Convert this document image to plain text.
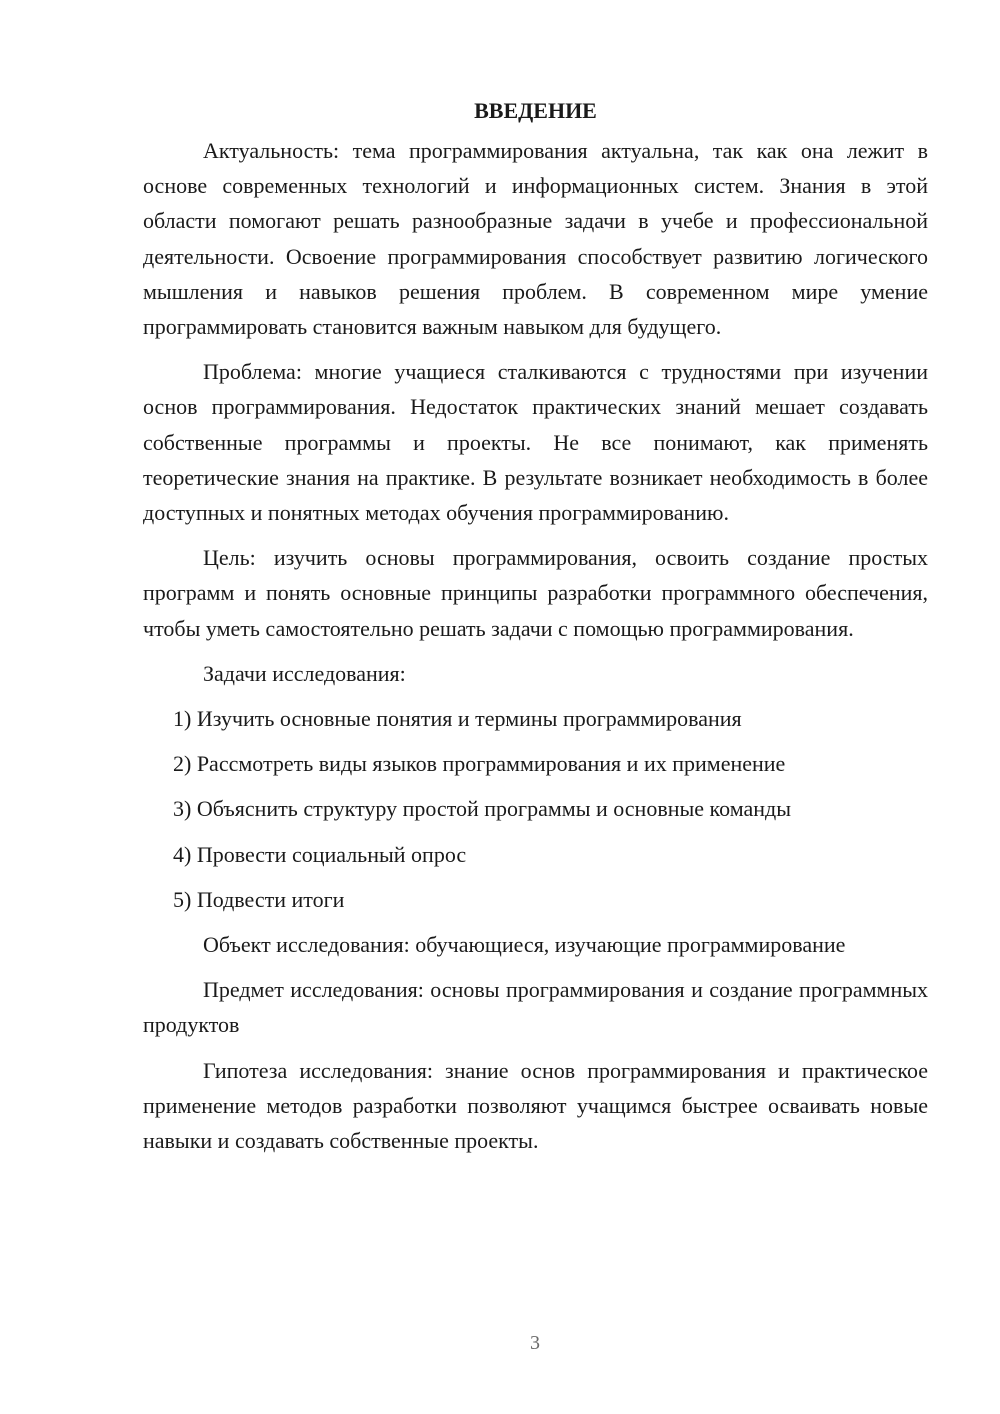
ВВЕДЕНИЕ

Актуальность: тема программирования актуальна, так как она лежит в основе современных технологий и информационных систем. Знания в этой области помогают решать разнообразные задачи в учебе и профессиональной деятельности. Освоение программирования способствует развитию логического мышления и навыков решения проблем. В современном мире умение программировать становится важным навыком для будущего.

Проблема: многие учащиеся сталкиваются с трудностями при изучении основ программирования. Недостаток практических знаний мешает создавать собственные программы и проекты. Не все понимают, как применять теоретические знания на практике. В результате возникает необходимость в более доступных и понятных методах обучения программированию.

Цель: изучить основы программирования, освоить создание простых программ и понять основные принципы разработки программного обеспечения, чтобы уметь самостоятельно решать задачи с помощью программирования.

Задачи исследования:
1) Изучить основные понятия и термины программирования
2) Рассмотреть виды языков программирования и их применение
3) Объяснить структуру простой программы и основные команды
4) Провести социальный опрос
5) Подвести итоги

Объект исследования: обучающиеся, изучающие программирование

Предмет исследования: основы программирования и создание программных продуктов

Гипотеза исследования: знание основ программирования и практическое применение методов разработки позволяют учащимся быстрее осваивать новые навыки и создавать собственные проекты.

3
